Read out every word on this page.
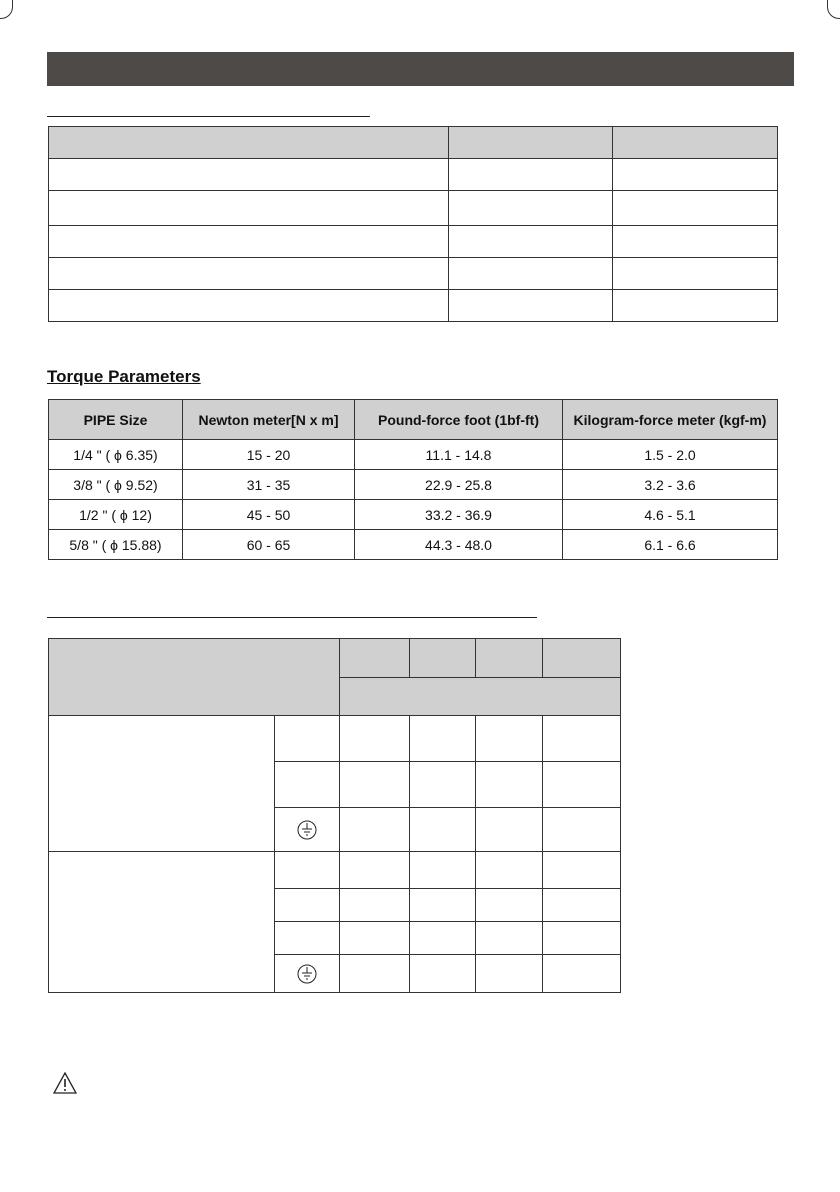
Torque Parameters
PIPE Size	Newton meter[N x m]	Pound-force foot (1bf-ft)	Kilogram-force meter (kgf-m)
1/4 " ( ϕ 6.35)	15 - 20	11.1 - 14.8	1.5 - 2.0
3/8 " ( ϕ 9.52)	31 - 35	22.9 - 25.8	3.2 - 3.6
1/2 " ( ϕ 12)	45 - 50	33.2 - 36.9	4.6 - 5.1
5/8 " ( ϕ 15.88)	60 - 65	44.3 - 48.0	6.1 - 6.6
